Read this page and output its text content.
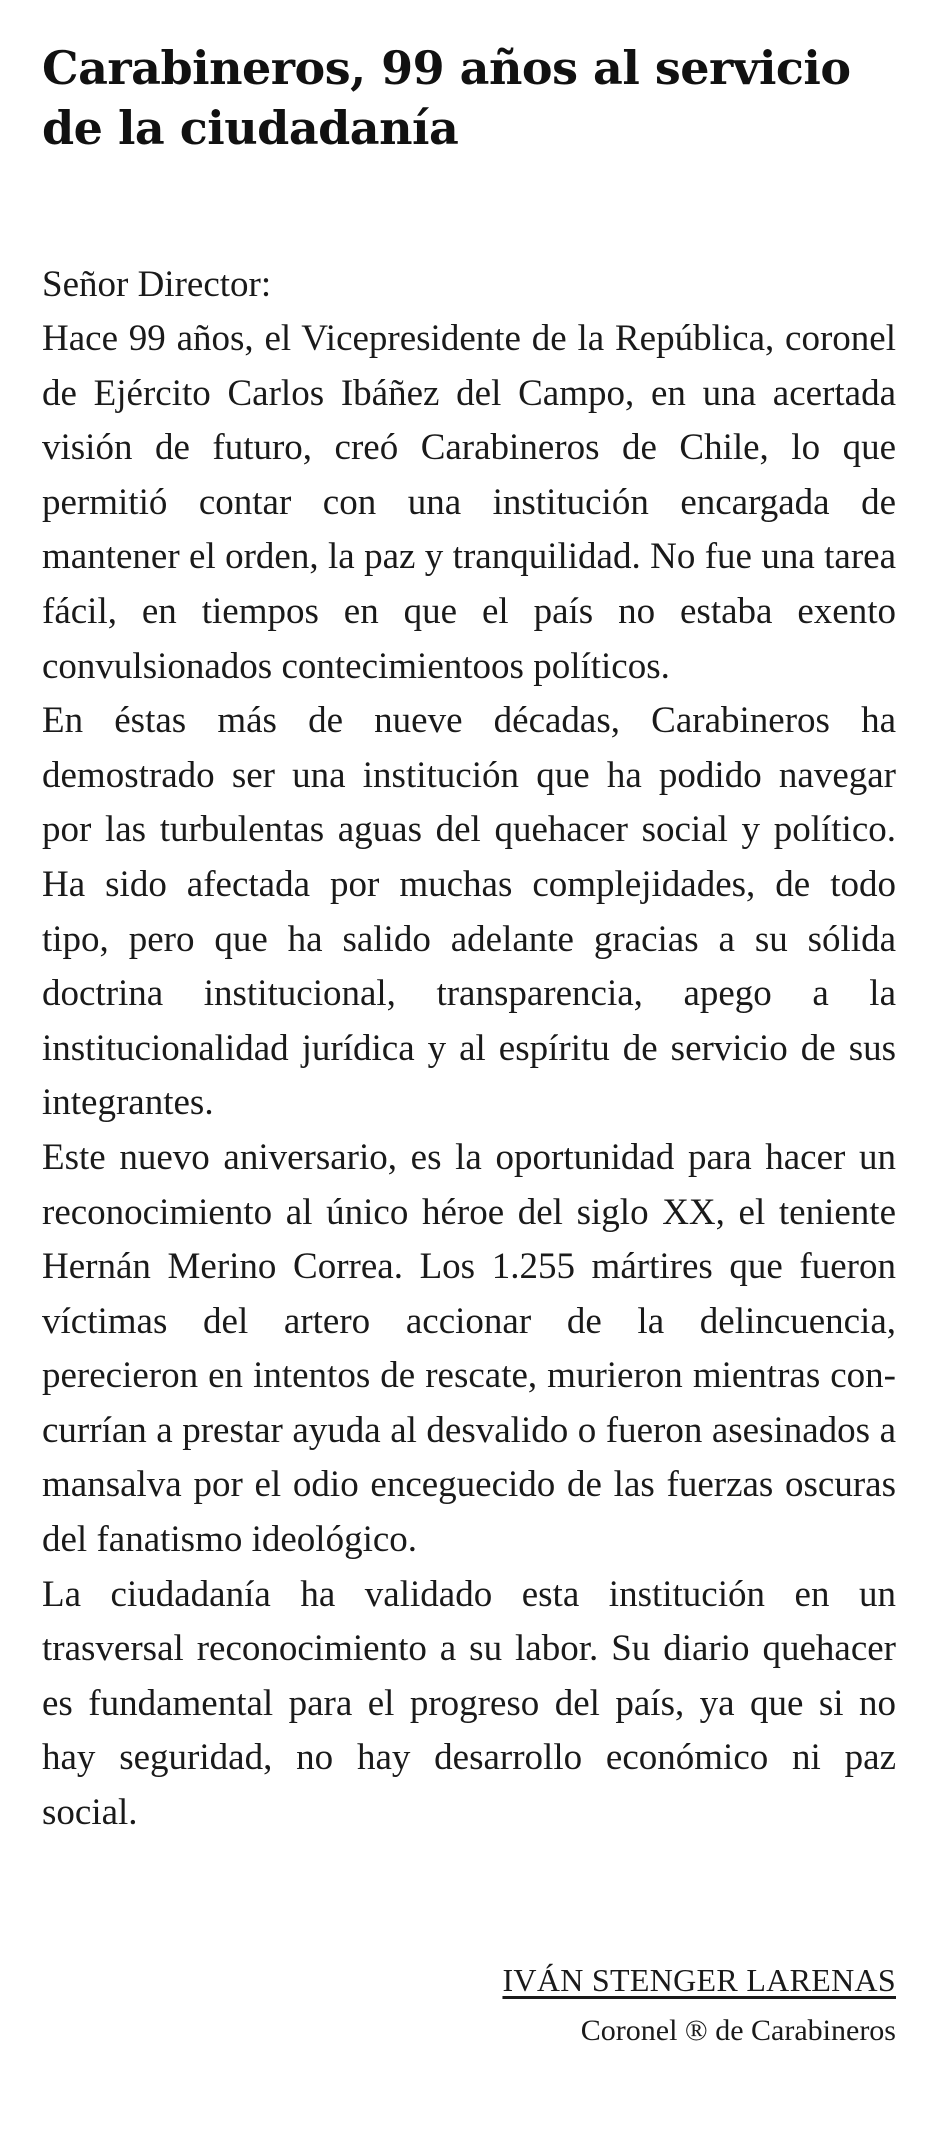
Carabineros, 99 años al servicio de la ciudadanía

Señor Director:

Hace 99 años, el Vicepresidente de la República, coronel de Ejército Carlos Ibáñez del Campo, en una acertada visión de futuro, creó Carabineros de Chile, lo que permitió contar con una institución encargada de mantener el orden, la paz y tranquilidad. No fue una tarea fácil, en tiempos en que el país no estaba exento convulsionados contecimientoos políticos.

En éstas más de nueve décadas, Carabineros ha demostrado ser una institución que ha podido navegar por las turbulentas aguas del quehacer social y político. Ha sido afectada por muchas complejidades, de todo tipo, pero que ha salido adelante gracias a su sólida doctrina institucional, transparencia, apego a la institucionalidad jurídica y al espíritu de servicio de sus integrantes.

Este nuevo aniversario, es la oportunidad para hacer un reconocimiento al único héroe del siglo XX, el teniente Hernán Merino Correa. Los 1.255 mártires que fueron víctimas del artero accionar de la delincuencia, perecieron en intentos de rescate, murieron mientras concurrían a prestar ayuda al desvalido o fueron asesinados a mansalva por el odio enceguecido de las fuerzas oscuras del fanatismo ideológico.

La ciudadanía ha validado esta institución en un trasversal reconocimiento a su labor. Su diario quehacer es fundamental para el progreso del país, ya que si no hay seguridad, no hay desarrollo económico ni paz social.

IVÁN STENGER LARENAS
Coronel ® de Carabineros
